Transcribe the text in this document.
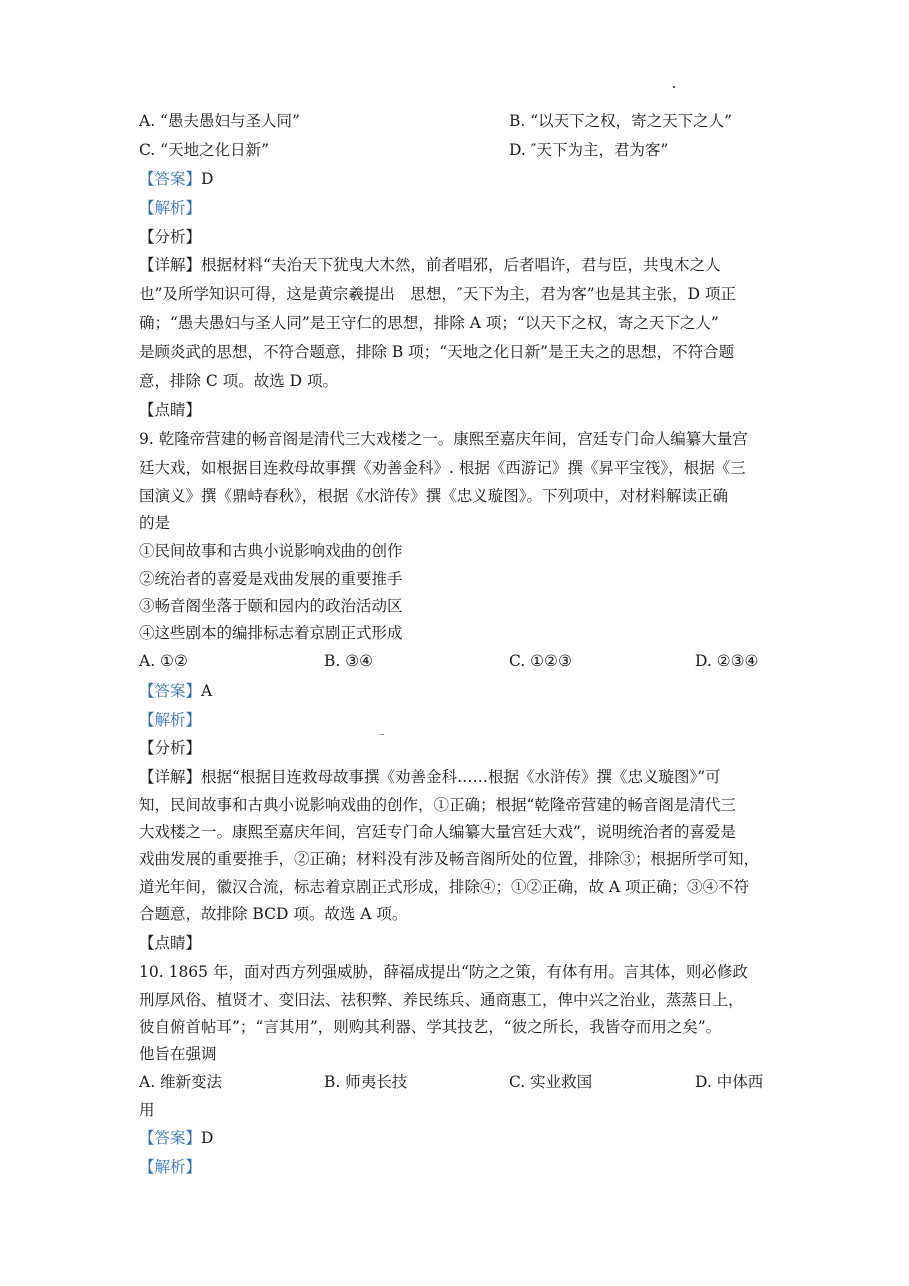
A. “愚夫愚妇与圣人同”	B. “以天下之权，寄之天下之人”
C. “天地之化日新”	D. ″天下为主，君为客”
【答案】D
【解析】
【分析】
【详解】根据材料“夫治天下犹曳大木然，前者唱邪，后者唱许，君与臣，共曳木之人
也”及所学知识可得，这是黄宗羲提出　思想，″天下为主，君为客”也是其主张，D 项正
确；“愚夫愚妇与圣人同”是王守仁的思想，排除 A 项；“以天下之权，寄之天下之人”
是顾炎武的思想，不符合题意，排除 B 项；“天地之化日新”是王夫之的思想，不符合题
意，排除 C 项。故选 D 项。
【点睛】
9. 乾隆帝营建的畅音阁是清代三大戏楼之一。康熙至嘉庆年间，宫廷专门命人编纂大量宫
廷大戏，如根据目连救母故事撰《劝善金科》. 根据《西游记》撰《昇平宝筏》，根据《三
国演义》撰《鼎峙春秋》，根据《水浒传》撰《忠义璇图》。下列项中，对材料解读正确
的是
①民间故事和古典小说影响戏曲的创作
②统治者的喜爱是戏曲发展的重要推手
③畅音阁坐落于颐和园内的政治活动区
④这些剧本的编排标志着京剧正式形成
A. ①②	B. ③④	C. ①②③	D. ②③④
【答案】A
【解析】
【分析】
【详解】根据“根据目连救母故事撰《劝善金科……根据《水浒传》撰《忠义璇图》”可
知，民间故事和古典小说影响戏曲的创作，①正确；根据“乾隆帝营建的畅音阁是清代三
大戏楼之一。康熙至嘉庆年间，宫廷专门命人编纂大量宫廷大戏”，说明统治者的喜爱是
戏曲发展的重要推手，②正确；材料没有涉及畅音阁所处的位置，排除③；根据所学可知，
道光年间，徽汉合流，标志着京剧正式形成，排除④；①②正确，故 A 项正确；③④不符
合题意，故排除 BCD 项。故选 A 项。
【点睛】
10. 1865 年，面对西方列强威胁，薛福成提出“防之之策，有体有用。言其体，则必修政
刑厚风俗、植贤才、变旧法、祛积弊、养民练兵、通商惠工，俾中兴之治业，蒸蒸日上，
彼自俯首帖耳”；“言其用”，则购其利器、学其技艺，“彼之所长，我皆夺而用之矣”。
他旨在强调
A. 维新变法	B. 师夷长技	C. 实业救国	D. 中体西
用
【答案】D
【解析】
